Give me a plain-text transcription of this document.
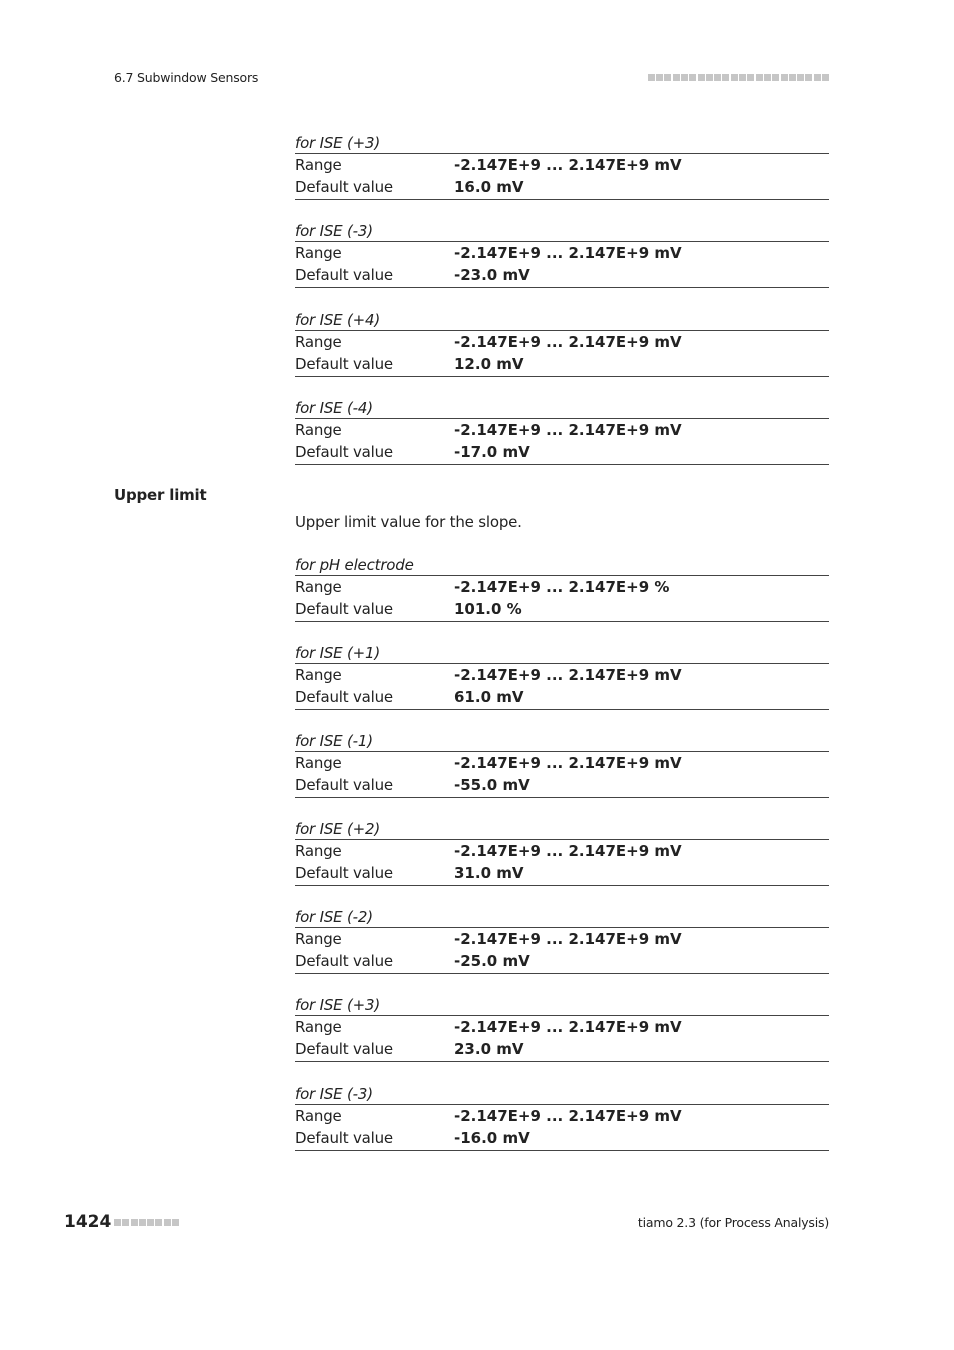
6.7 Subwindow Sensors
for ISE (+3)
Range	-2.147E+9 ... 2.147E+9 mV
Default value	16.0 mV
for ISE (-3)
Range	-2.147E+9 ... 2.147E+9 mV
Default value	-23.0 mV
for ISE (+4)
Range	-2.147E+9 ... 2.147E+9 mV
Default value	12.0 mV
for ISE (-4)
Range	-2.147E+9 ... 2.147E+9 mV
Default value	-17.0 mV
Upper limit
Upper limit value for the slope.
for pH electrode
Range	-2.147E+9 ... 2.147E+9 %
Default value	101.0 %
for ISE (+1)
Range	-2.147E+9 ... 2.147E+9 mV
Default value	61.0 mV
for ISE (-1)
Range	-2.147E+9 ... 2.147E+9 mV
Default value	-55.0 mV
for ISE (+2)
Range	-2.147E+9 ... 2.147E+9 mV
Default value	31.0 mV
for ISE (-2)
Range	-2.147E+9 ... 2.147E+9 mV
Default value	-25.0 mV
for ISE (+3)
Range	-2.147E+9 ... 2.147E+9 mV
Default value	23.0 mV
for ISE (-3)
Range	-2.147E+9 ... 2.147E+9 mV
Default value	-16.0 mV
1424	tiamo 2.3 (for Process Analysis)
